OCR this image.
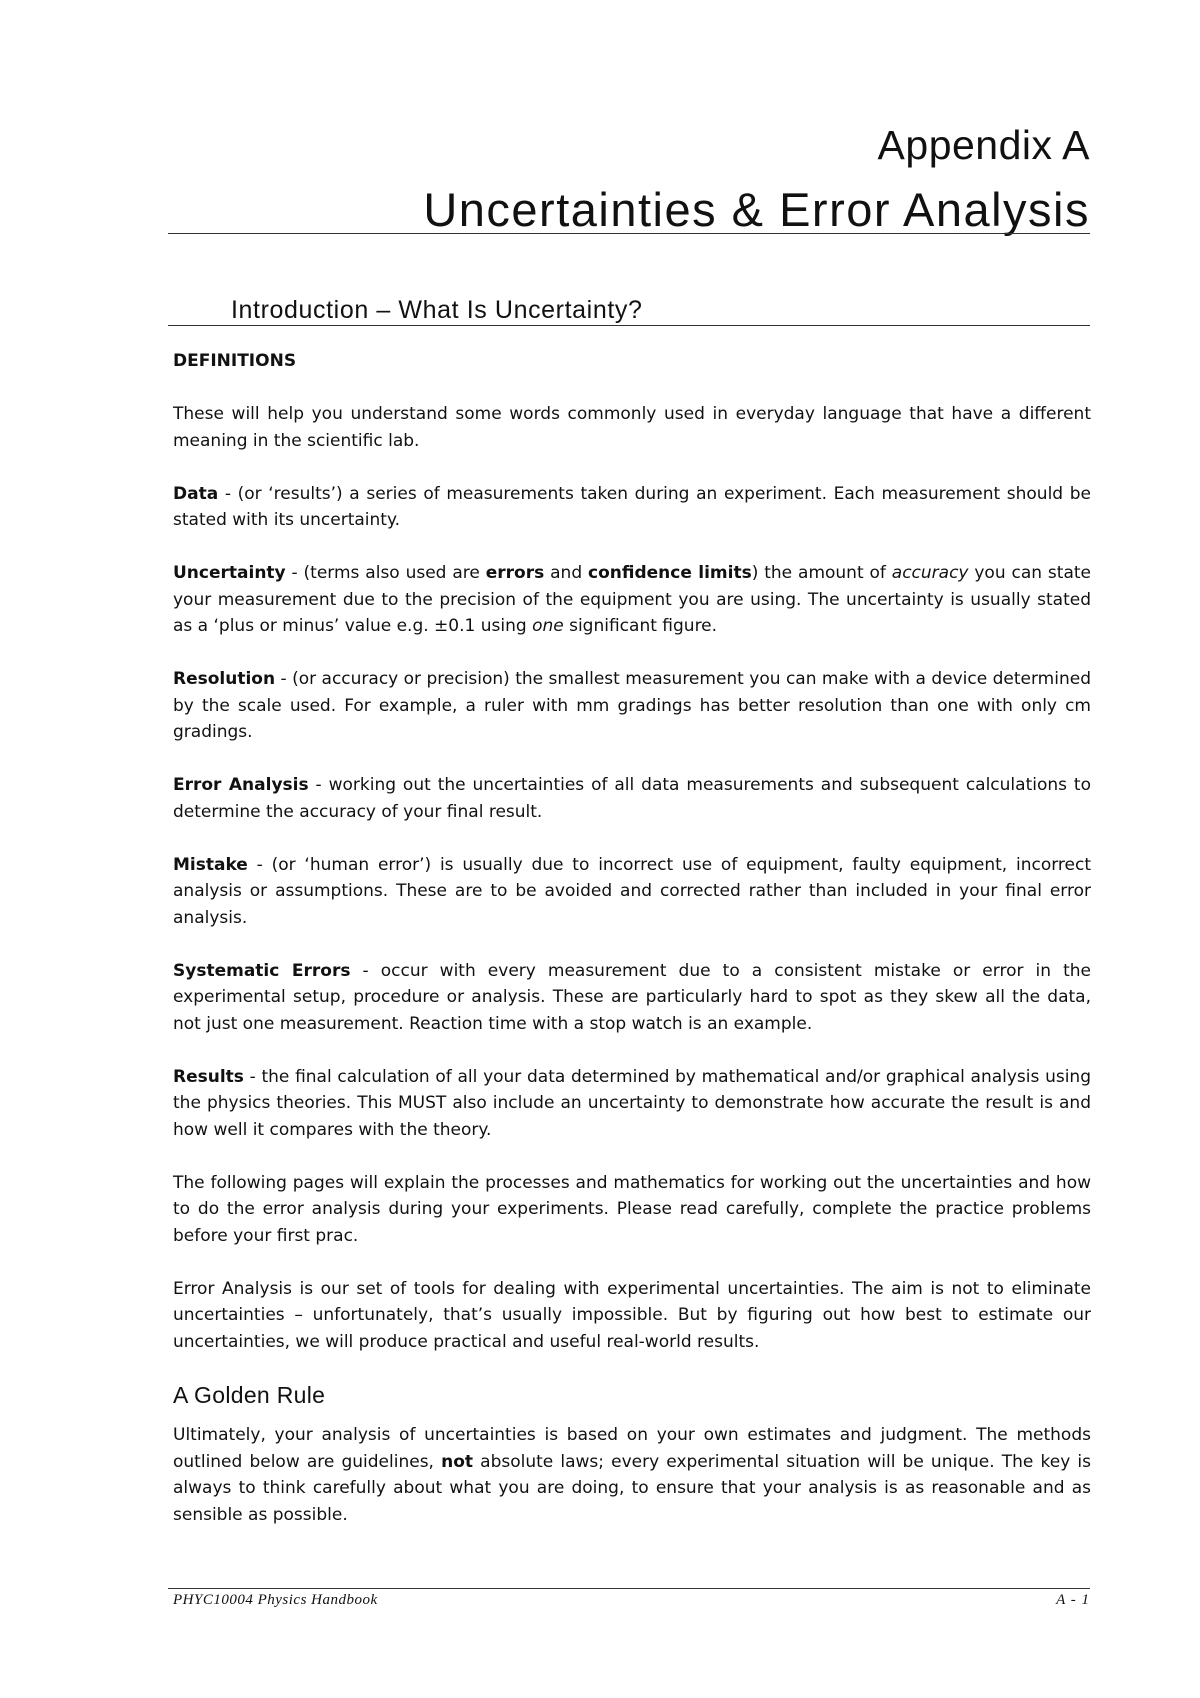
Appendix A
Uncertainties & Error Analysis
Introduction – What Is Uncertainty?
DEFINITIONS

These will help you understand some words commonly used in everyday language that have a different meaning in the scientific lab.

Data - (or ‘results’) a series of measurements taken during an experiment. Each measurement should be stated with its uncertainty.

Uncertainty - (terms also used are errors and confidence limits) the amount of accuracy you can state your measurement due to the precision of the equipment you are using. The uncertainty is usually stated as a ‘plus or minus’ value e.g. ±0.1 using one significant figure.

Resolution - (or accuracy or precision) the smallest measurement you can make with a device determined by the scale used. For example, a ruler with mm gradings has better resolution than one with only cm gradings.

Error Analysis - working out the uncertainties of all data measurements and subsequent calculations to determine the accuracy of your final result.

Mistake - (or ‘human error’) is usually due to incorrect use of equipment, faulty equipment, incorrect analysis or assumptions. These are to be avoided and corrected rather than included in your final error analysis.

Systematic Errors - occur with every measurement due to a consistent mistake or error in the experimental setup, procedure or analysis. These are particularly hard to spot as they skew all the data, not just one measurement. Reaction time with a stop watch is an example.

Results - the final calculation of all your data determined by mathematical and/or graphical analysis using the physics theories. This MUST also include an uncertainty to demonstrate how accurate the result is and how well it compares with the theory.

The following pages will explain the processes and mathematics for working out the uncertainties and how to do the error analysis during your experiments. Please read carefully, complete the practice problems before your first prac.

Error Analysis is our set of tools for dealing with experimental uncertainties. The aim is not to eliminate uncertainties – unfortunately, that’s usually impossible. But by figuring out how best to estimate our uncertainties, we will produce practical and useful real-world results.

A Golden Rule

Ultimately, your analysis of uncertainties is based on your own estimates and judgment. The methods outlined below are guidelines, not absolute laws; every experimental situation will be unique. The key is always to think carefully about what you are doing, to ensure that your analysis is as reasonable and as sensible as possible.

PHYC10004 Physics Handbook	A - 1
